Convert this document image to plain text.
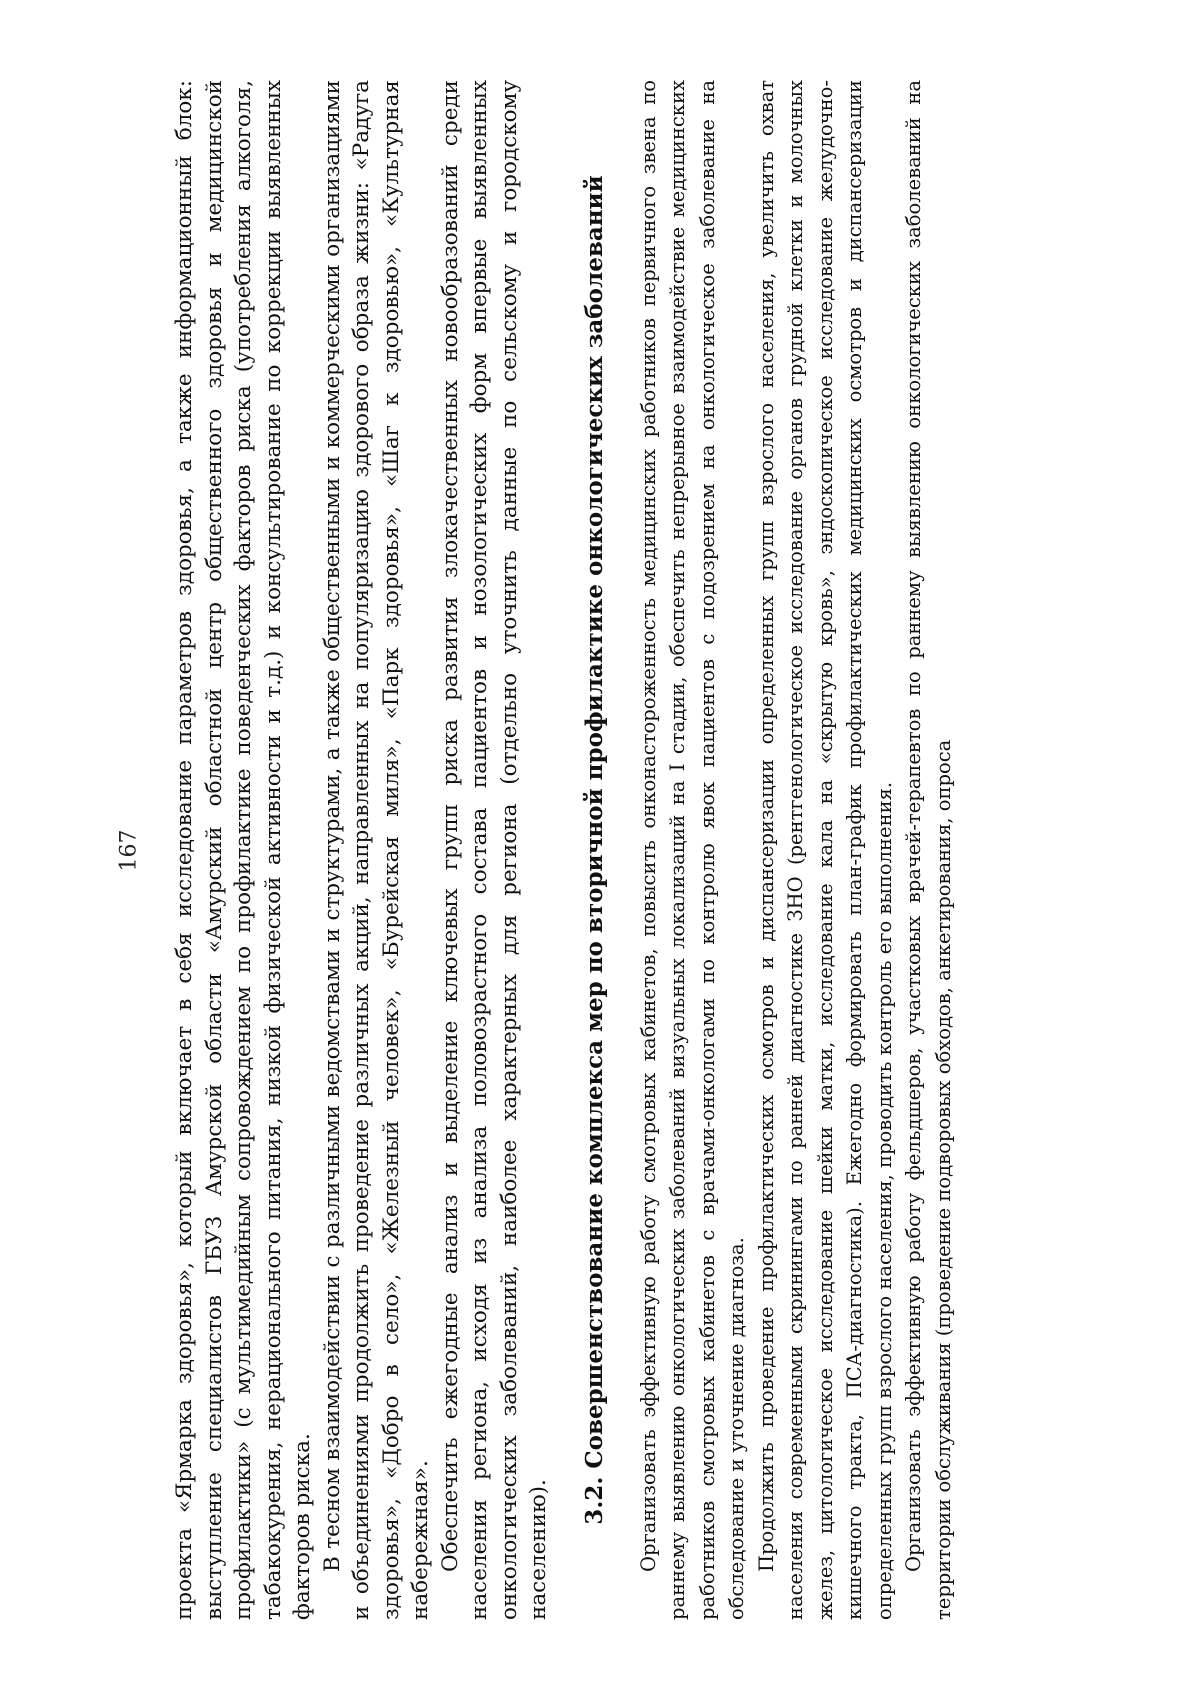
167 проекта «Ярмарка здоровья», который включает в себя исследование параметров здоровья, а также информационный блок: выступление специалистов ГБУЗ Амурской области «Амурский областной центр общественного здоровья и медицинской профилактики» (с мультимедийным сопровождением по профилактике поведенческих факторов риска (употребления алкоголя, табакокурения, нерационального питания, низкой физической активности и т.д.) и консультирование по коррекции выявленных факторов риска. В тесном взаимодействии с различными ведомствами и структурами, а также общественными и коммерческими организациями и объединениями продолжить проведение различных акций, направленных на популяризацию здорового образа жизни: «Радуга здоровья», «Добро в село», «Железный человек», «Бурейская миля», «Парк здоровья», «Шаг к здоровью», «Культурная набережная». Обеспечить ежегодные анализ и выделение ключевых групп риска развития злокачественных новообразований среди населения региона, исходя из анализа половозрастного состава пациентов и нозологических форм впервые выявленных онкологических заболеваний, наиболее характерных для региона (отдельно уточнить данные по сельскому и городскому населению).

3.2. Совершенствование комплекса мер по вторичной профилактике онкологических заболеваний Организовать эффективную работу смотровых кабинетов, повысить онконастороженность медицинских работников первичного звена по раннему выявлению онкологических заболеваний визуальных локализаций на I стадии, обеспечить непрерывное взаимодействие медицинских работников смотровых кабинетов с врачами-онкологами по контролю явок пациентов с подозрением на онкологическое заболевание на обследование и уточнение диагноза. Продолжить проведение профилактических осмотров и диспансеризации определенных групп взрослого населения, увеличить охват населения современными скринингами по ранней диагностике ЗНО (рентгенологическое исследование органов грудной клетки и молочных желез, цитологическое исследование шейки матки, исследование кала на «скрытую кровь», эндоскопическое исследование желудочно-кишечного тракта, ПСА-диагностика). Ежегодно формировать план-график профилактических медицинских осмотров и диспансеризации определенных групп взрослого населения, проводить контроль его выполнения. Организовать эффективную работу фельдшеров, участковых врачей-терапевтов по раннему выявлению онкологических заболеваний на территории обслуживания (проведение подворовых обходов, анкетирования, опроса
